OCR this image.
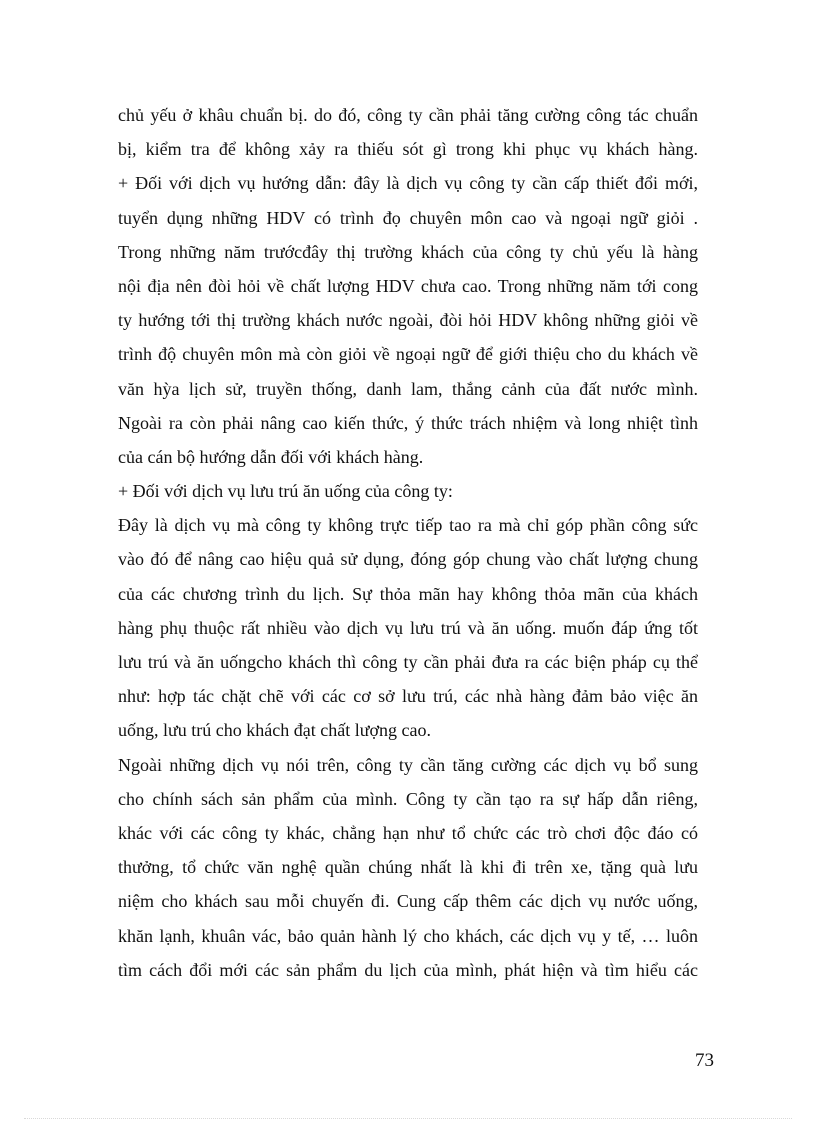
chủ yếu ở khâu chuẩn bị. do đó, công ty cần phải tăng cường công tác chuẩn
bị, kiểm tra để không xảy ra thiếu sót gì trong khi phục vụ khách hàng.
+ Đối với dịch vụ hướng dẫn: đây là dịch vụ công ty cần cấp thiết đổi mới,
tuyển dụng những HDV có trình đọ chuyên môn cao và ngoại ngữ giỏi .
Trong những năm trướcđây thị trường khách của công ty chủ yếu là hàng
nội địa nên đòi hỏi về chất lượng HDV chưa cao. Trong những năm tới cong
ty hướng tới thị trường khách nước ngoài, đòi hỏi HDV không những giỏi về
trình độ chuyên môn mà còn giỏi về ngoại ngữ để giới thiệu cho du khách về
văn hỳa lịch sử, truyền thống, danh lam, thắng cảnh của đất nước mình.
Ngoài ra còn phải nâng cao kiến thức, ý thức trách nhiệm và long nhiệt tình
của cán bộ hướng dẫn đối với khách hàng.
+ Đối với dịch vụ lưu trú ăn uống của công ty:
Đây là dịch vụ mà công ty không trực tiếp tao ra mà chỉ góp phần công sức
vào đó để nâng cao hiệu quả sử dụng, đóng góp chung vào chất lượng chung
của các chương trình du lịch. Sự thỏa mãn hay không thỏa mãn của khách
hàng phụ thuộc rất nhiều vào dịch vụ lưu trú và ăn uống. muốn đáp ứng tốt
lưu trú và ăn uốngcho khách thì công ty cần phải đưa ra các biện pháp cụ thể
như: hợp tác chặt chẽ với các cơ sở lưu trú, các nhà hàng đảm bảo việc ăn
uống, lưu trú cho khách đạt chất lượng cao.
Ngoài những dịch vụ nói trên, công ty cần tăng cường các dịch vụ bổ sung
cho chính sách sản phẩm của mình. Công ty cần tạo ra sự hấp dẫn riêng,
khác với các công ty khác, chẳng hạn như tổ chức các trò chơi độc đáo có
thưởng, tổ chức văn nghệ quần chúng nhất là khi đi trên xe, tặng quà lưu
niệm cho khách sau mỗi chuyến đi. Cung cấp thêm các dịch vụ nước uống,
khăn lạnh, khuân vác, bảo quản hành lý cho khách, các dịch vụ y tế, … luôn
tìm cách đổi mới các sản phẩm du lịch của mình, phát hiện và tìm hiểu các
73
